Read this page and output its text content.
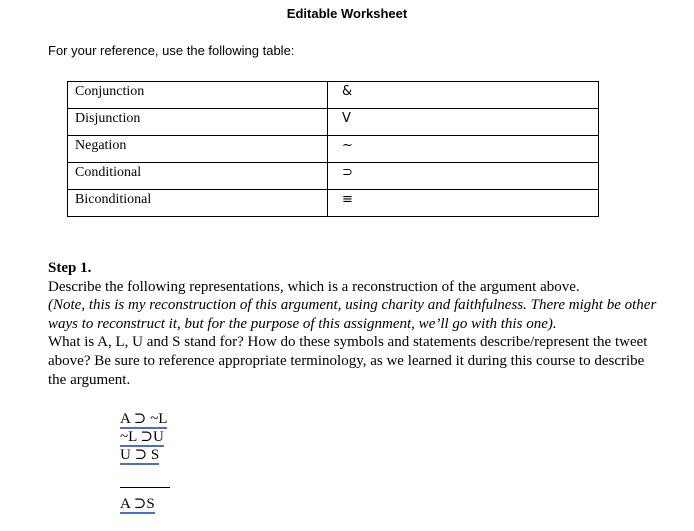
Editable Worksheet
For your reference, use the following table:
Conjunction	&
Disjunction	V
Negation	~
Conditional	⊃
Biconditional	≡
Step 1.
Describe the following representations, which is a reconstruction of the argument above.
(Note, this is my reconstruction of this argument, using charity and faithfulness. There might be other ways to reconstruct it, but for the purpose of this assignment, we’ll go with this one).
What is A, L, U and S stand for? How do these symbols and statements describe/represent the tweet above? Be sure to reference appropriate terminology, as we learned it during this course to describe the argument.
A ⊃ ~L
~L ⊃U
U ⊃ S
A ⊃S
